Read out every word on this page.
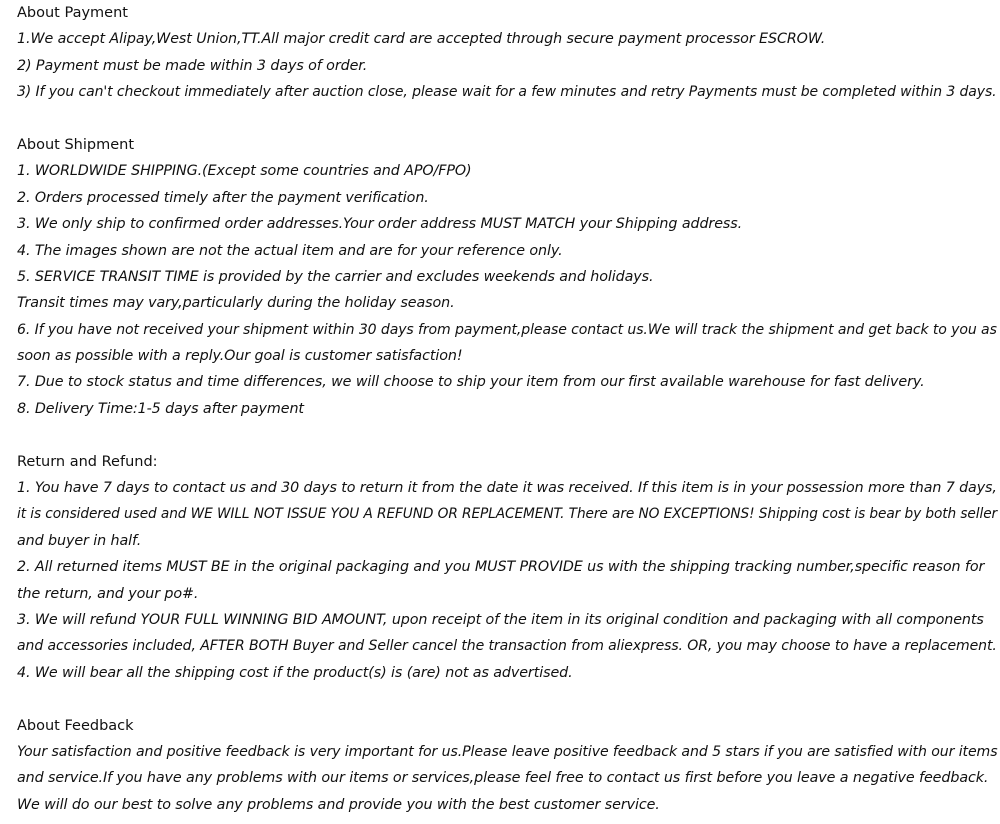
About Payment
1.We accept Alipay,West Union,TT.All major credit card are accepted through secure payment processor ESCROW.
2) Payment must be made within 3 days of order.
3) If you can't checkout immediately after auction close, please wait for a few minutes and retry Payments must be completed within 3 days.
About Shipment
1. WORLDWIDE SHIPPING.(Except some countries and APO/FPO)
2. Orders processed timely after the payment verification.
3. We only ship to confirmed order addresses.Your order address MUST MATCH your Shipping address.
4. The images shown are not the actual item and are for your reference only.
5. SERVICE TRANSIT TIME is provided by the carrier and excludes weekends and holidays.
Transit times may vary,particularly during the holiday season.
6. If you have not received your shipment within 30 days from payment,please contact us.We will track the shipment and get back to you as
soon as possible with a reply.Our goal is customer satisfaction!
7. Due to stock status and time differences, we will choose to ship your item from our first available warehouse for fast delivery.
8. Delivery Time:1-5 days after payment
Return and Refund:
1. You have 7 days to contact us and 30 days to return it from the date it was received. If this item is in your possession more than 7 days,
it is considered used and WE WILL NOT ISSUE YOU A REFUND OR REPLACEMENT. There are NO EXCEPTIONS! Shipping cost is bear by both seller
and buyer in half.
2. All returned items MUST BE in the original packaging and you MUST PROVIDE us with the shipping tracking number,specific reason for
the return, and your po#.
3. We will refund YOUR FULL WINNING BID AMOUNT, upon receipt of the item in its original condition and packaging with all components
and accessories included, AFTER BOTH Buyer and Seller cancel the transaction from aliexpress. OR, you may choose to have a replacement.
4. We will bear all the shipping cost if the product(s) is (are) not as advertised.
About Feedback
Your satisfaction and positive feedback is very important for us.Please leave positive feedback and 5 stars if you are satisfied with our items
and service.If you have any problems with our items or services,please feel free to contact us first before you leave a negative feedback.
We will do our best to solve any problems and provide you with the best customer service.
